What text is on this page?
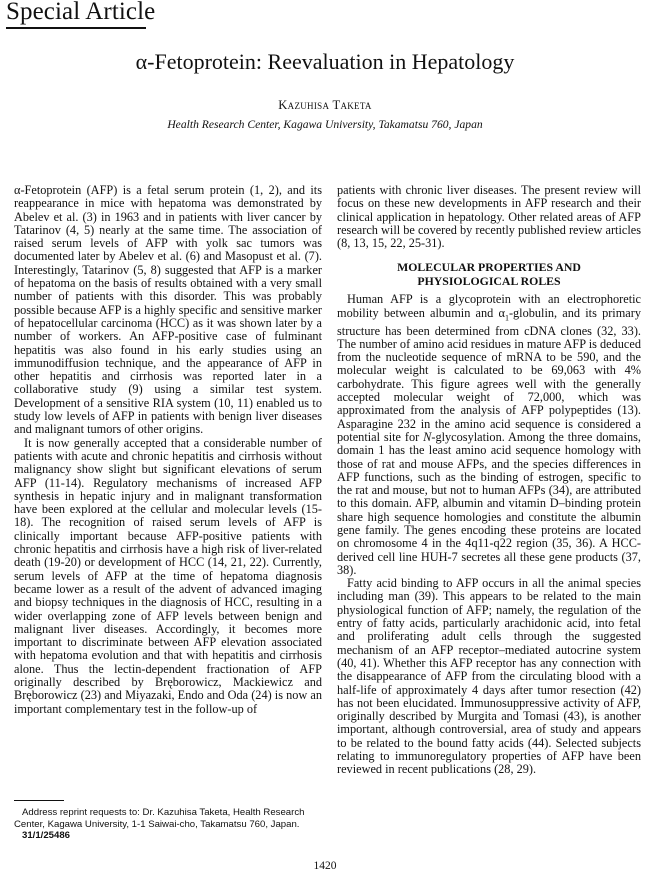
Special Article
α-Fetoprotein: Reevaluation in Hepatology
Kazuhisa Taketa
Health Research Center, Kagawa University, Takamatsu 760, Japan

α-Fetoprotein (AFP) is a fetal serum protein (1, 2), and its reappearance in mice with hepatoma was demonstrated by Abelev et al. (3) in 1963 and in patients with liver cancer by Tatarinov (4, 5) nearly at the same time. The association of raised serum levels of AFP with yolk sac tumors was documented later by Abelev et al. (6) and Masopust et al. (7). Interestingly, Tatarinov (5, 8) suggested that AFP is a marker of hepatoma on the basis of results obtained with a very small number of patients with this disorder. This was probably possible because AFP is a highly specific and sensitive marker of hepatocellular carcinoma (HCC) as it was shown later by a number of workers. An AFP-positive case of fulminant hepatitis was also found in his early studies using an immunodiffusion technique, and the appearance of AFP in other hepatitis and cirrhosis was reported later in a collaborative study (9) using a similar test system. Development of a sensitive RIA system (10, 11) enabled us to study low levels of AFP in patients with benign liver diseases and malignant tumors of other origins.

It is now generally accepted that a considerable number of patients with acute and chronic hepatitis and cirrhosis without malignancy show slight but significant elevations of serum AFP (11-14). Regulatory mechanisms of increased AFP synthesis in hepatic injury and in malignant transformation have been explored at the cellular and molecular levels (15-18). The recognition of raised serum levels of AFP is clinically important because AFP-positive patients with chronic hepatitis and cirrhosis have a high risk of liver-related death (19-20) or development of HCC (14, 21, 22). Currently, serum levels of AFP at the time of hepatoma diagnosis became lower as a result of the advent of advanced imaging and biopsy techniques in the diagnosis of HCC, resulting in a wider overlapping zone of AFP levels between benign and malignant liver diseases. Accordingly, it becomes more important to discriminate between AFP elevation associated with hepatoma evolution and that with hepatitis and cirrhosis alone. Thus the lectin-dependent fractionation of AFP originally described by Bręborowicz, Mackiewicz and Bręborowicz (23) and Miyazaki, Endo and Oda (24) is now an important complementary test in the follow-up of

patients with chronic liver diseases. The present review will focus on these new developments in AFP research and their clinical application in hepatology. Other related areas of AFP research will be covered by recently published review articles (8, 13, 15, 22, 25-31).

MOLECULAR PROPERTIES AND
PHYSIOLOGICAL ROLES

Human AFP is a glycoprotein with an electrophoretic mobility between albumin and $\alpha_1$-globulin, and its primary structure has been determined from cDNA clones (32, 33). The number of amino acid residues in mature AFP is deduced from the nucleotide sequence of mRNA to be 590, and the molecular weight is calculated to be 69,063 with 4% carbohydrate. This figure agrees well with the generally accepted molecular weight of 72,000, which was approximated from the analysis of AFP polypeptides (13). Asparagine 232 in the amino acid sequence is considered a potential site for N-glycosylation. Among the three domains, domain 1 has the least amino acid sequence homology with those of rat and mouse AFPs, and the species differences in AFP functions, such as the binding of estrogen, specific to the rat and mouse, but not to human AFPs (34), are attributed to this domain. AFP, albumin and vitamin D–binding protein share high sequence homologies and constitute the albumin gene family. The genes encoding these proteins are located on chromosome 4 in the 4q11-q22 region (35, 36). A HCC-derived cell line HUH-7 secretes all these gene products (37, 38).

Fatty acid binding to AFP occurs in all the animal species including man (39). This appears to be related to the main physiological function of AFP; namely, the regulation of the entry of fatty acids, particularly arachidonic acid, into fetal and proliferating adult cells through the suggested mechanism of an AFP receptor–mediated autocrine system (40, 41). Whether this AFP receptor has any connection with the disappearance of AFP from the circulating blood with a half-life of approximately 4 days after tumor resection (42) has not been elucidated. Immunosuppressive activity of AFP, originally described by Murgita and Tomasi (43), is another important, although controversial, area of study and appears to be related to the bound fatty acids (44). Selected subjects relating to immunoregulatory properties of AFP have been reviewed in recent publications (28, 29).

Address reprint requests to: Dr. Kazuhisa Taketa, Health Research Center, Kagawa University, 1-1 Saiwai-cho, Takamatsu 760, Japan.
31/1/25486
1420
